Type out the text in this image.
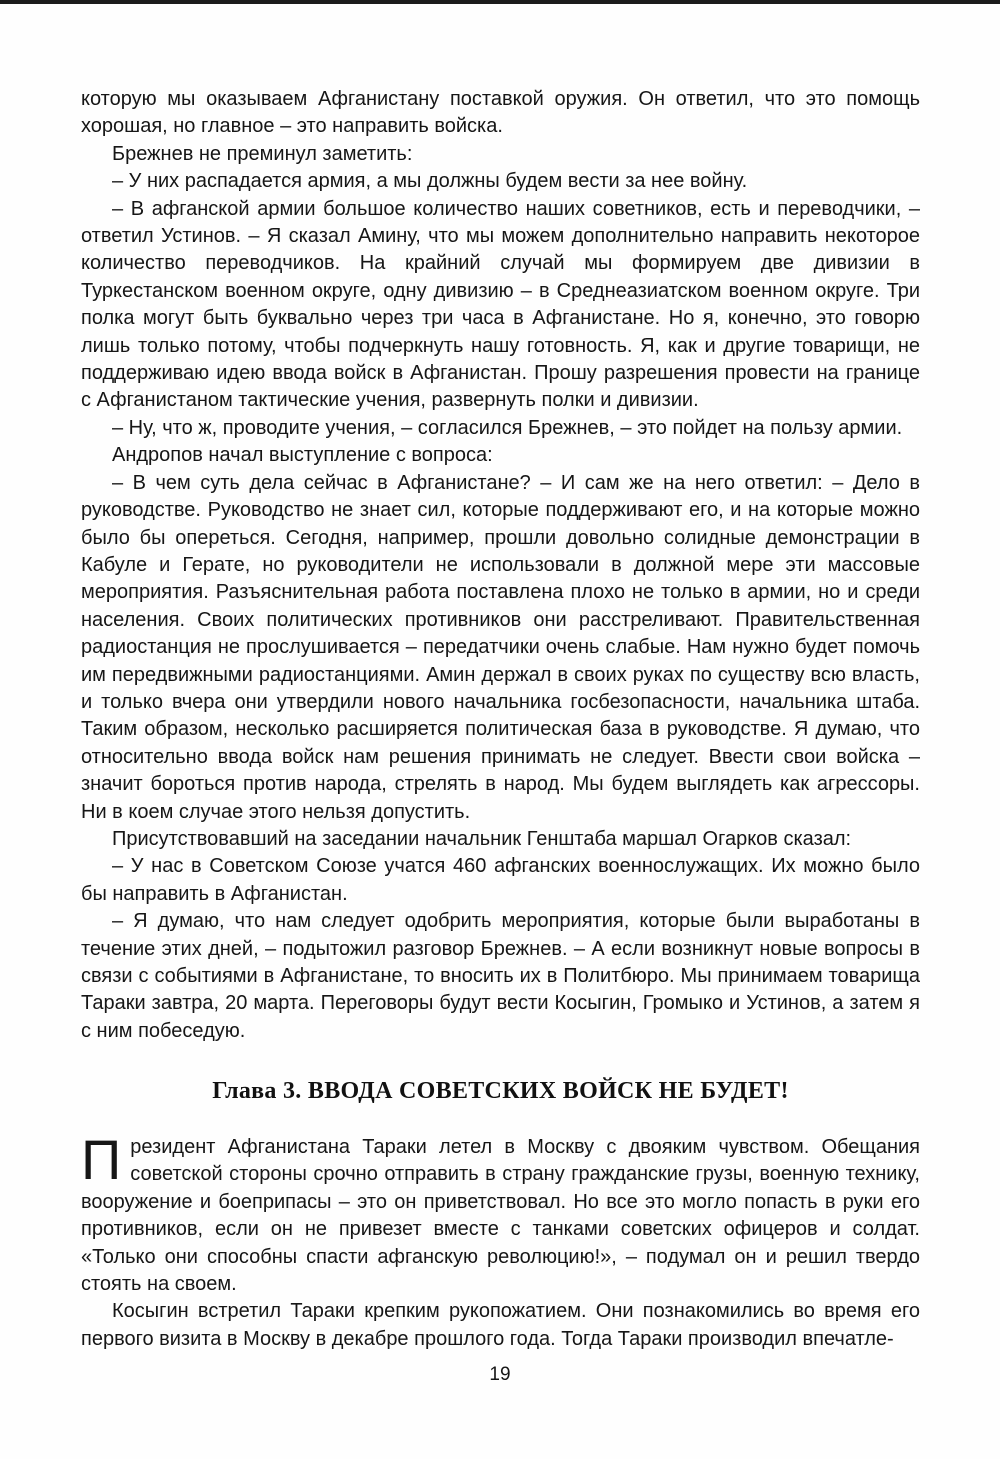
которую мы оказываем Афганистану поставкой оружия. Он ответил, что это помощь хорошая, но главное – это направить войска.

Брежнев не преминул заметить:

– У них распадается армия, а мы должны будем вести за нее войну.

– В афганской армии большое количество наших советников, есть и переводчики, – ответил Устинов. – Я сказал Амину, что мы можем дополнительно направить некоторое количество переводчиков. На крайний случай мы формируем две дивизии в Туркестанском военном округе, одну дивизию – в Среднеазиатском военном округе. Три полка могут быть буквально через три часа в Афганистане. Но я, конечно, это говорю лишь только потому, чтобы подчеркнуть нашу готовность. Я, как и другие товарищи, не поддерживаю идею ввода войск в Афганистан. Прошу разрешения провести на границе с Афганистаном тактические учения, развернуть полки и дивизии.

– Ну, что ж, проводите учения, – согласился Брежнев, – это пойдет на пользу армии.

Андропов начал выступление с вопроса:

– В чем суть дела сейчас в Афганистане? – И сам же на него ответил: – Дело в руководстве. Руководство не знает сил, которые поддерживают его, и на которые можно было бы опереться. Сегодня, например, прошли довольно солидные демонстрации в Кабуле и Герате, но руководители не использовали в должной мере эти массовые мероприятия. Разъяснительная работа поставлена плохо не только в армии, но и среди населения. Своих политических противников они расстреливают. Правительственная радиостанция не прослушивается – передатчики очень слабые. Нам нужно будет помочь им передвижными радиостанциями. Амин держал в своих руках по существу всю власть, и только вчера они утвердили нового начальника госбезопасности, начальника штаба. Таким образом, несколько расширяется политическая база в руководстве. Я думаю, что относительно ввода войск нам решения принимать не следует. Ввести свои войска – значит бороться против народа, стрелять в народ. Мы будем выглядеть как агрессоры. Ни в коем случае этого нельзя допустить.

Присутствовавший на заседании начальник Генштаба маршал Огарков сказал:

– У нас в Советском Союзе учатся 460 афганских военнослужащих. Их можно было бы направить в Афганистан.

– Я думаю, что нам следует одобрить мероприятия, которые были выработаны в течение этих дней, – подытожил разговор Брежнев. – А если возникнут новые вопросы в связи с событиями в Афганистане, то вносить их в Политбюро. Мы принимаем товарища Тараки завтра, 20 марта. Переговоры будут вести Косыгин, Громыко и Устинов, а затем я с ним побеседую.

Глава 3. ВВОДА СОВЕТСКИХ ВОЙСК НЕ БУДЕТ!

Президент Афганистана Тараки летел в Москву с двояким чувством. Обещания советской стороны срочно отправить в страну гражданские грузы, военную технику, вооружение и боеприпасы – это он приветствовал. Но все это могло попасть в руки его противников, если он не привезет вместе с танками советских офицеров и солдат. «Только они способны спасти афганскую революцию!», – подумал он и решил твердо стоять на своем.

Косыгин встретил Тараки крепким рукопожатием. Они познакомились во время его первого визита в Москву в декабре прошлого года. Тогда Тараки производил впечатле-

19
